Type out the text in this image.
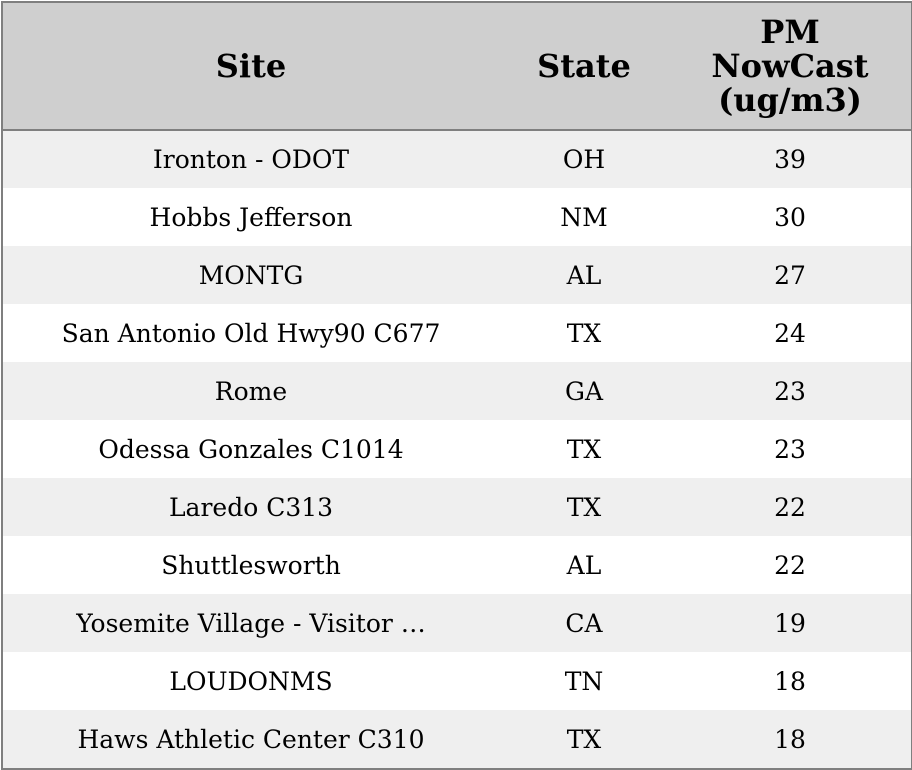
Site	State	PM
NowCast
(ug/m3)

Ironton - ODOT	OH	39
Hobbs Jefferson	NM	30
MONTG	AL	27
San Antonio Old Hwy90 C677	TX	24
Rome	GA	23
Odessa Gonzales C1014	TX	23
Laredo C313	TX	22
Shuttlesworth	AL	22
Yosemite Village - Visitor …	CA	19
LOUDONMS	TN	18
Haws Athletic Center C310	TX	18
